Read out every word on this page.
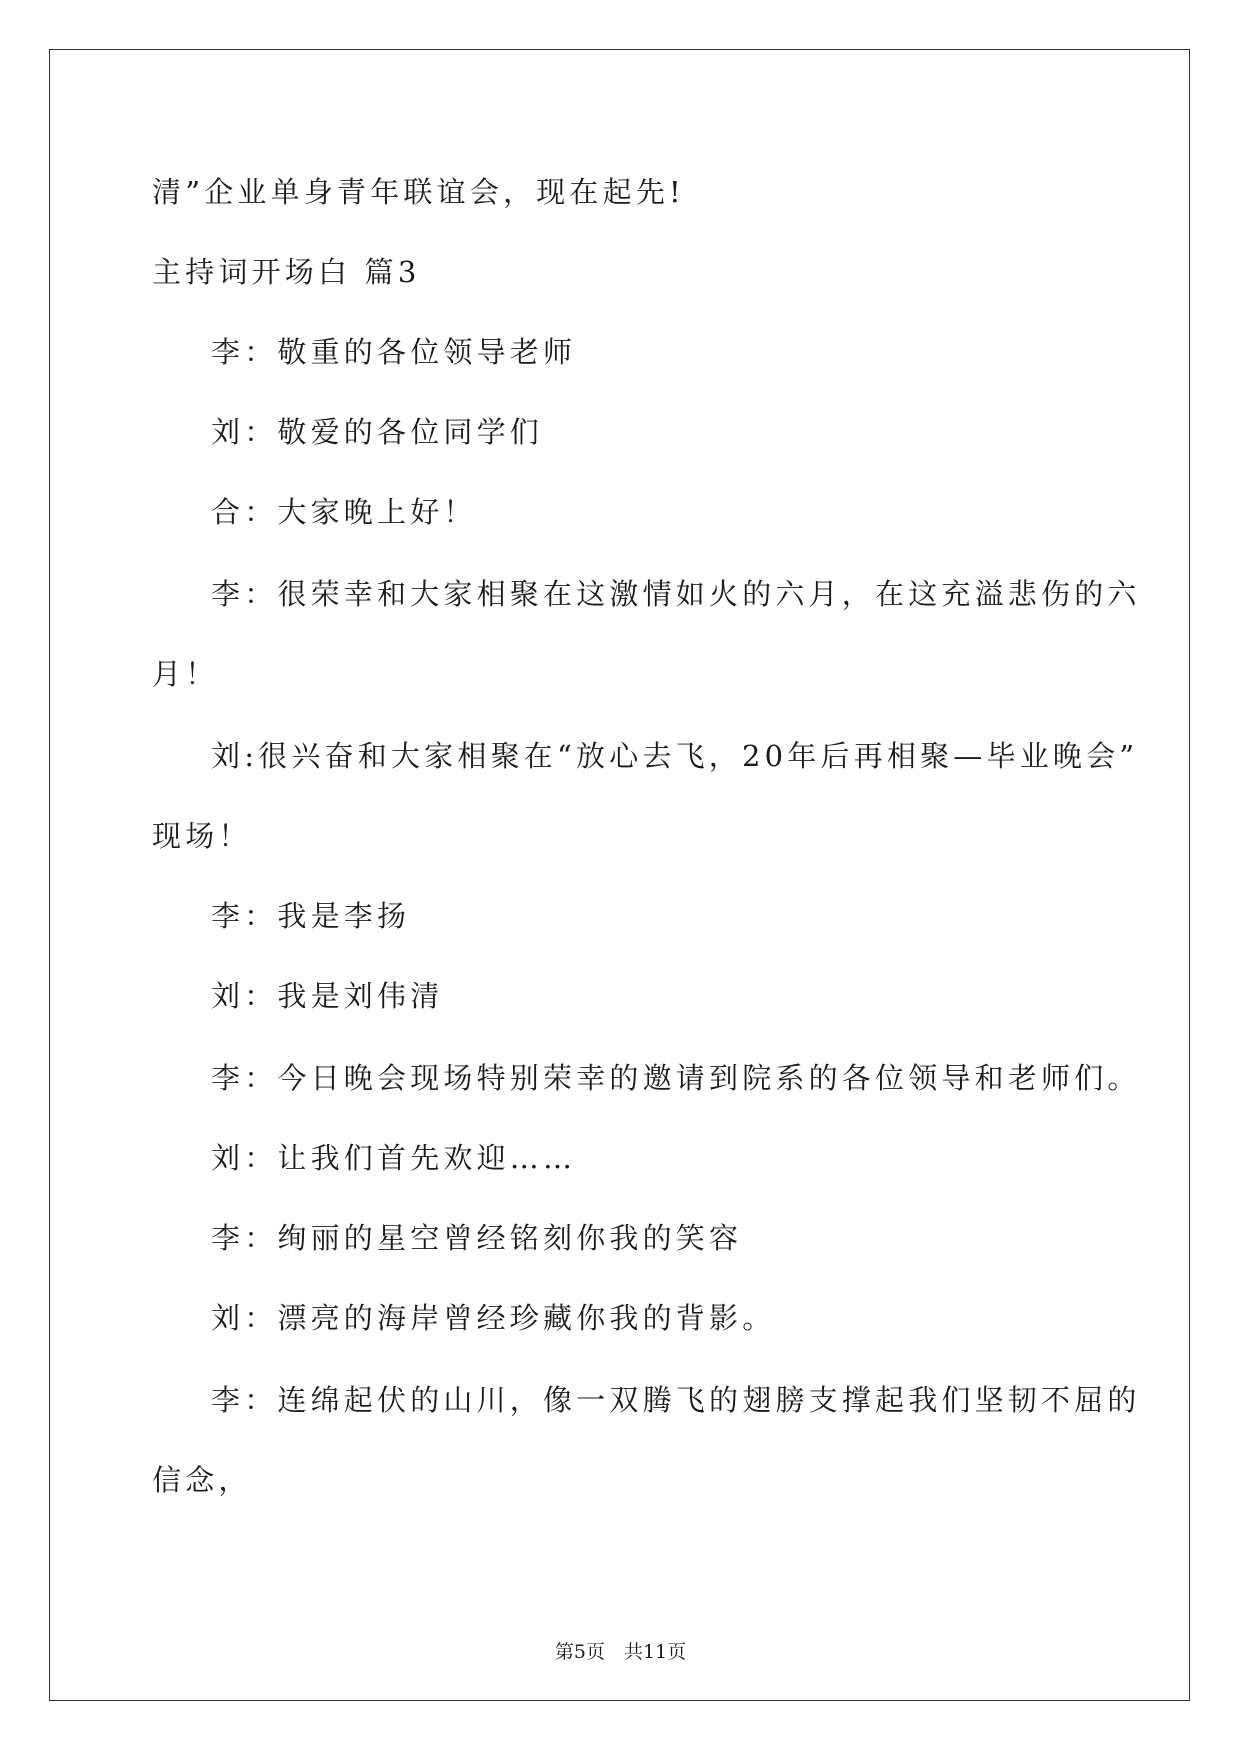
清”企业单身青年联谊会，现在起先!
主持词开场白 篇3
李：敬重的各位领导老师
刘：敬爱的各位同学们
合：大家晚上好！
李：很荣幸和大家相聚在这激情如火的六月，在这充溢悲伤的六
月！
刘:很兴奋和大家相聚在“放心去飞，20年后再相聚—毕业晚会”
现场！
李：我是李扬
刘：我是刘伟清
李：今日晚会现场特别荣幸的邀请到院系的各位领导和老师们。
刘：让我们首先欢迎……
李：绚丽的星空曾经铭刻你我的笑容
刘：漂亮的海岸曾经珍藏你我的背影。
李：连绵起伏的山川，像一双腾飞的翅膀支撑起我们坚韧不屈的
信念，
第5页　共11页
